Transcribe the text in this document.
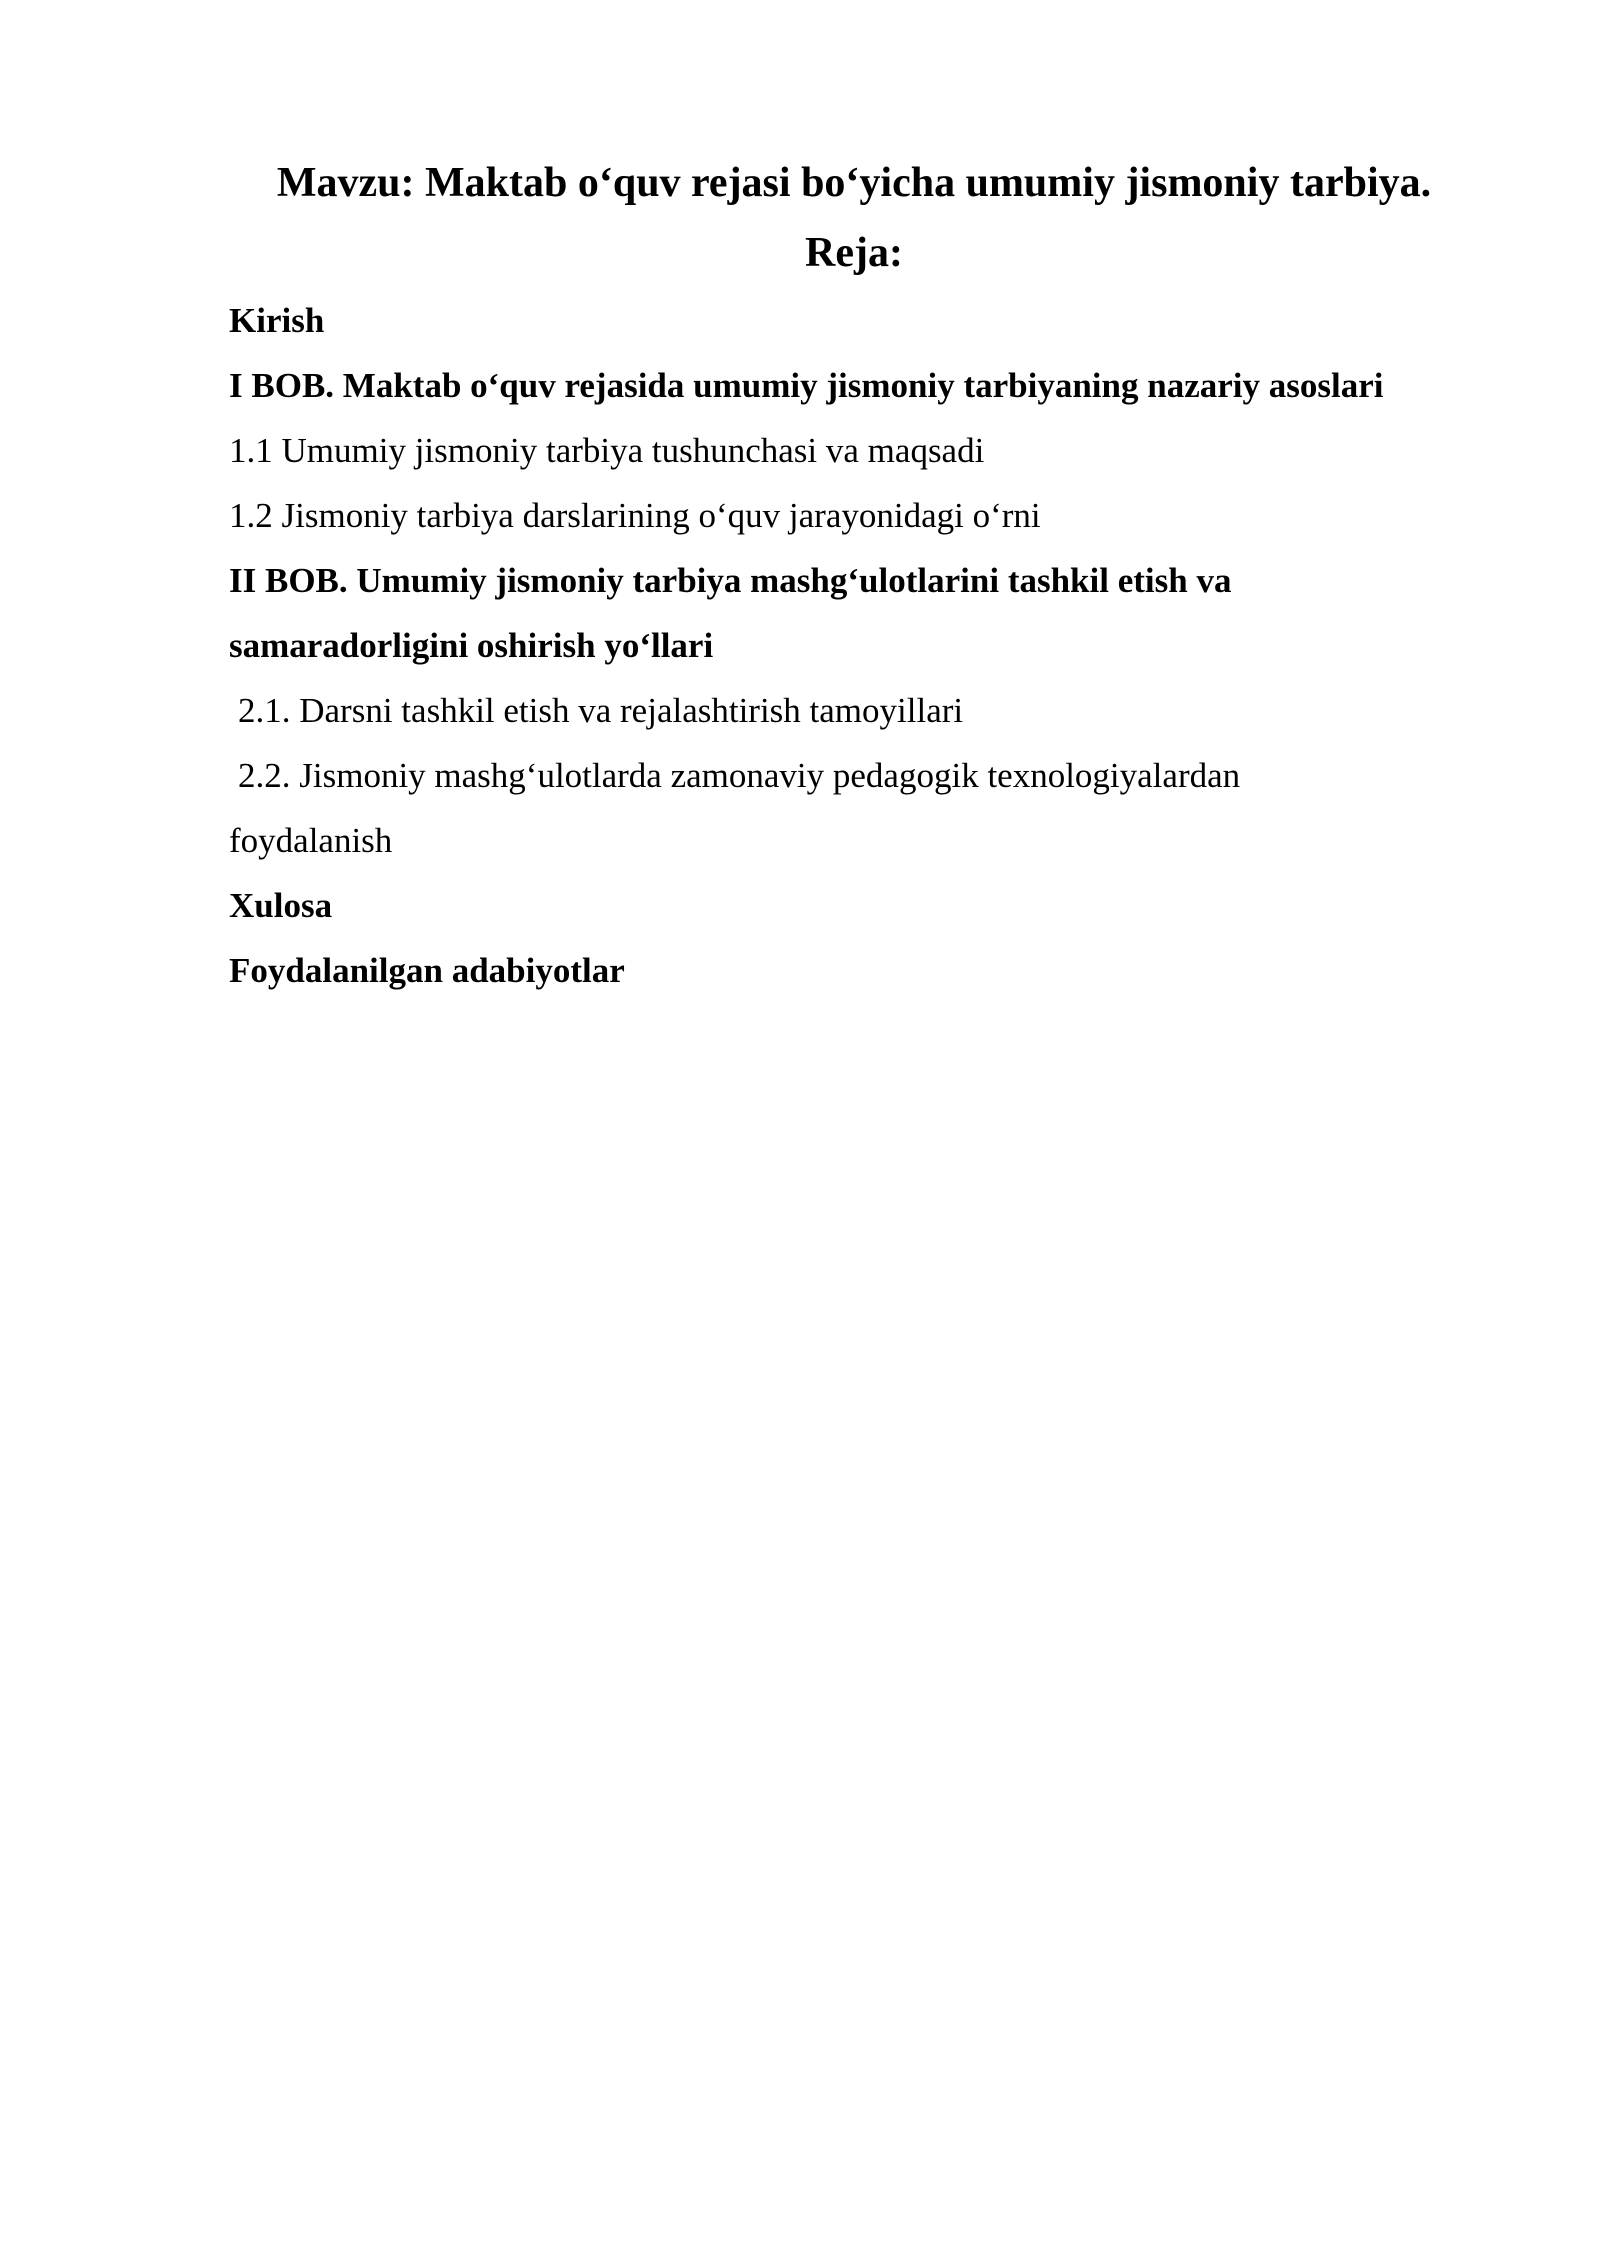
Mavzu: Maktab o‘quv rejasi bo‘yicha umumiy jismoniy tarbiya.

Reja:

Kirish

I BOB. Maktab o‘quv rejasida umumiy jismoniy tarbiyaning nazariy asoslari

1.1 Umumiy jismoniy tarbiya tushunchasi va maqsadi

1.2 Jismoniy tarbiya darslarining o‘quv jarayonidagi o‘rni

II BOB. Umumiy jismoniy tarbiya mashg‘ulotlarini tashkil etish va

samaradorligini oshirish yo‘llari

2.1. Darsni tashkil etish va rejalashtirish tamoyillari

2.2. Jismoniy mashg‘ulotlarda zamonaviy pedagogik texnologiyalardan

foydalanish

Xulosa

Foydalanilgan adabiyotlar
